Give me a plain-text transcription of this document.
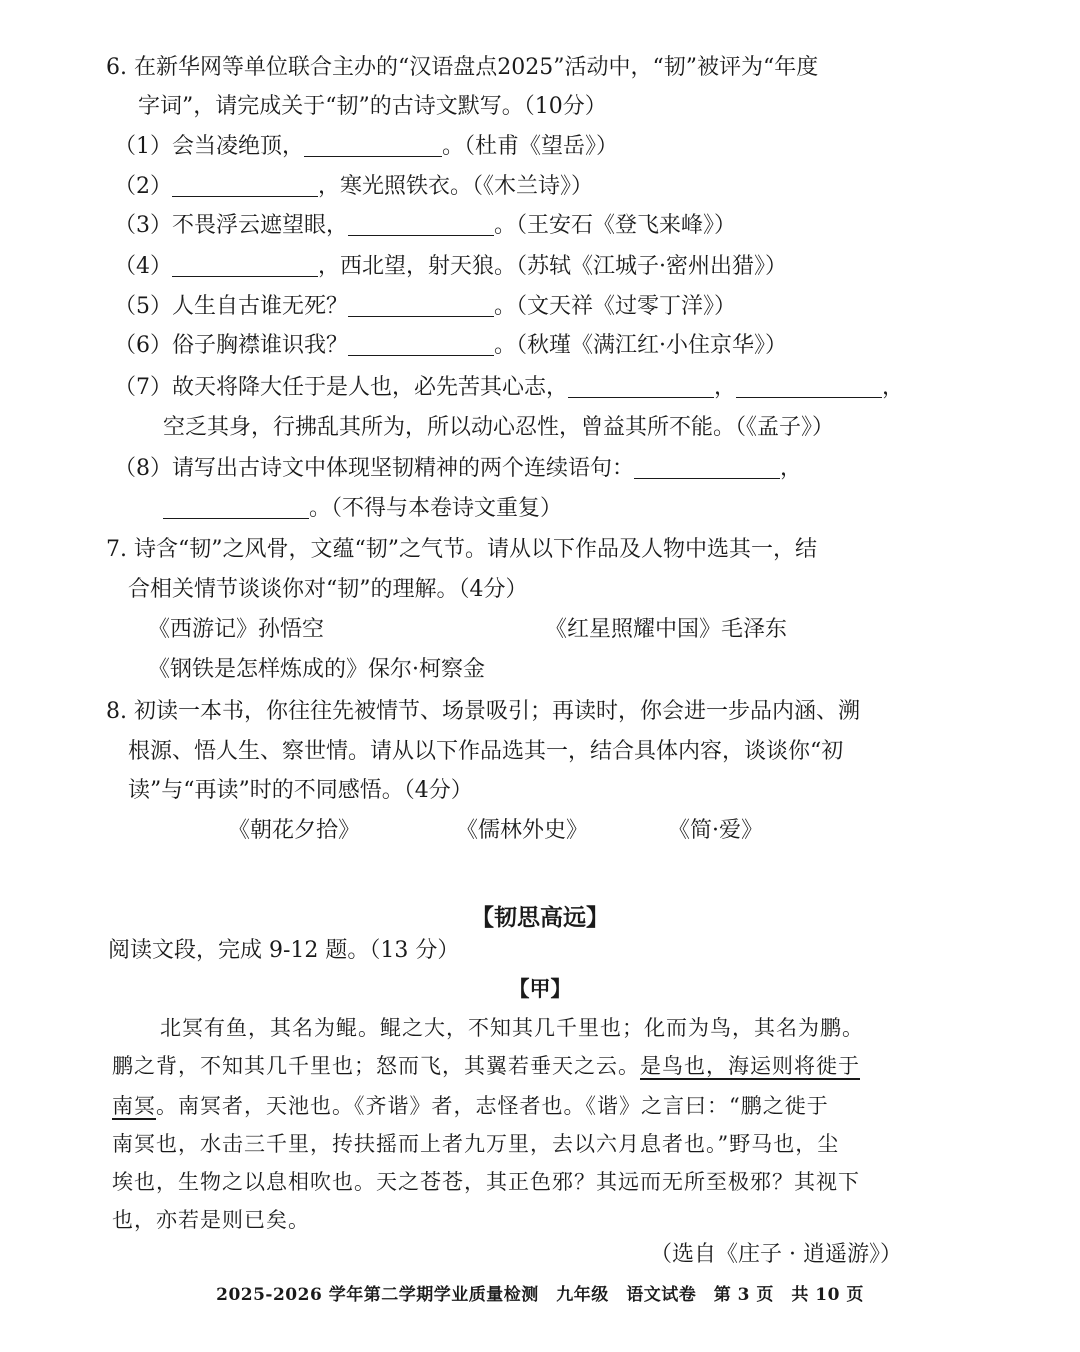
6. 在新华网等单位联合主办的“汉语盘点2025”活动中，“韧”被评为“年度
字词”，请完成关于“韧”的古诗文默写。（10分）
（1）会当凌绝顶，	。（杜甫《望岳》）
（2）	，寒光照铁衣。（《木兰诗》）
（3）不畏浮云遮望眼，	。（王安石《登飞来峰》）
（4）	，西北望，射天狼。（苏轼《江城子·密州出猎》）
（5）人生自古谁无死？	。（文天祥《过零丁洋》）
（6）俗子胸襟谁识我？	。（秋瑾《满江红·小住京华》）
（7）故天将降大任于是人也，必先苦其心志，	，	，
空乏其身，行拂乱其所为，所以动心忍性，曾益其所不能。（《孟子》）
（8）请写出古诗文中体现坚韧精神的两个连续语句：	，
。（不得与本卷诗文重复）
7. 诗含“韧”之风骨，文蕴“韧”之气节。请从以下作品及人物中选其一，结
合相关情节谈谈你对“韧”的理解。（4分）
《西游记》孙悟空	《红星照耀中国》毛泽东
《钢铁是怎样炼成的》保尔·柯察金
8. 初读一本书，你往往先被情节、场景吸引；再读时，你会进一步品内涵、溯
根源、悟人生、察世情。请从以下作品选其一，结合具体内容，谈谈你“初
读”与“再读”时的不同感悟。（4分）
《朝花夕拾》	《儒林外史》	《简·爱》
【韧思高远】
阅读文段，完成 9-12 题。（13 分）
【甲】
北冥有鱼，其名为鲲。鲲之大，不知其几千里也；化而为鸟，其名为鹏。
鹏之背，不知其几千里也；怒而飞，其翼若垂天之云。是鸟也，海运则将徙于
南冥。南冥者，天池也。《齐谐》者，志怪者也。《谐》之言曰：“鹏之徙于
南冥也，水击三千里，抟扶摇而上者九万里，去以六月息者也。”野马也，尘
埃也，生物之以息相吹也。天之苍苍，其正色邪？其远而无所至极邪？其视下
也，亦若是则已矣。
（选自《庄子 · 逍遥游》）
2025-2026 学年第二学期学业质量检测　九年级　语文试卷　第 3 页　共 10 页
